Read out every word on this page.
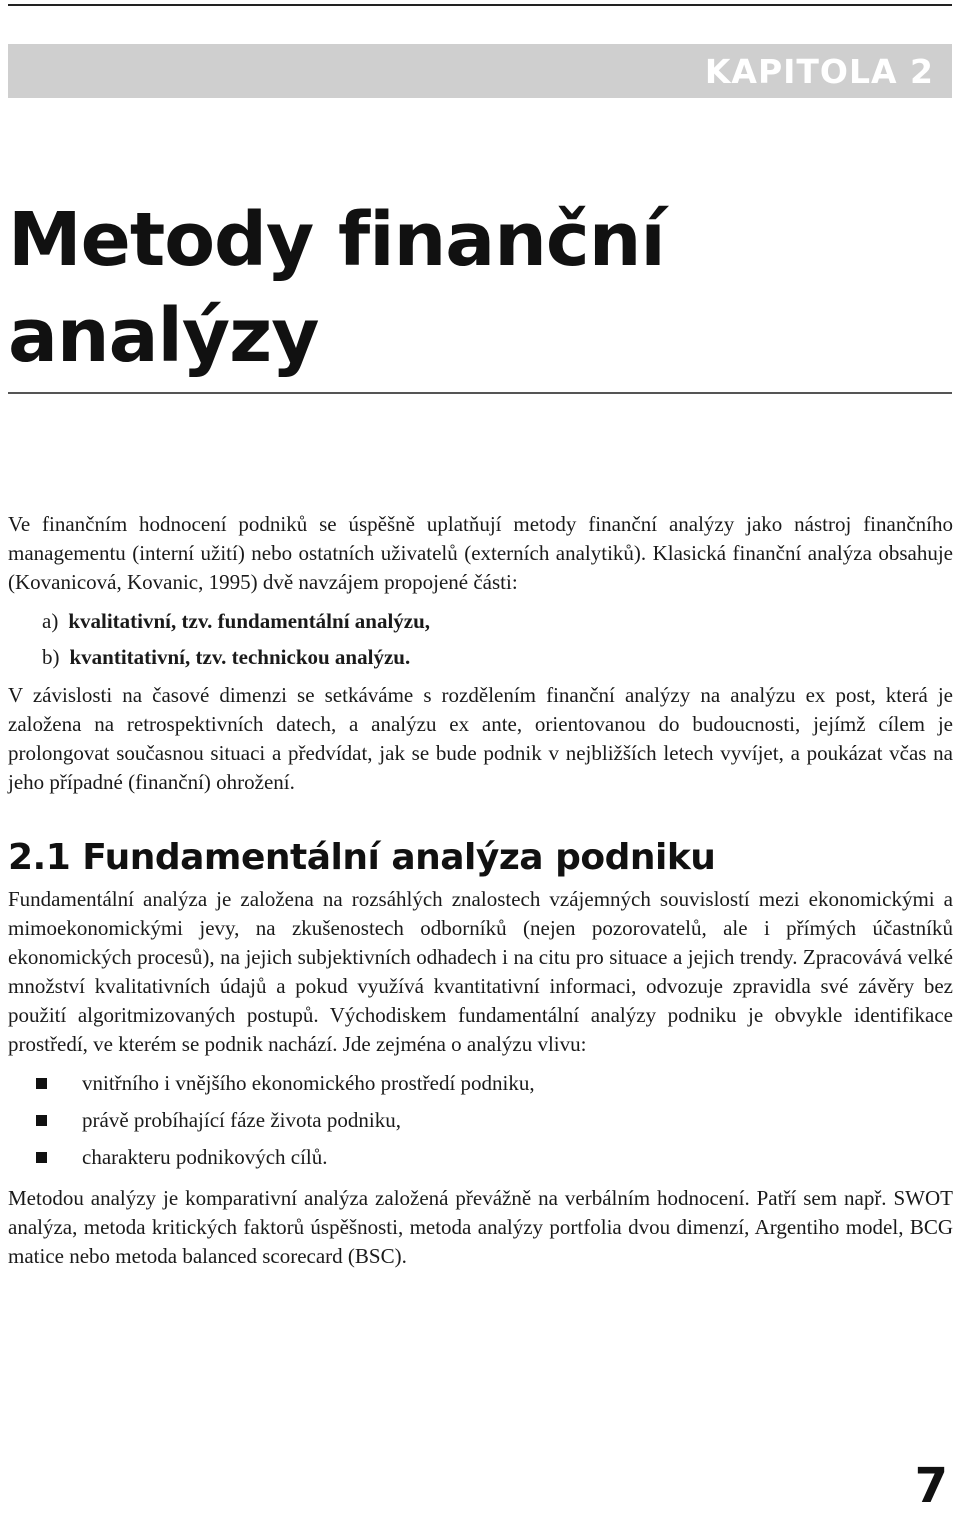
KAPITOLA 2
Metody finanční
analýzy

Ve finančním hodnocení podniků se úspěšně uplatňují metody finanční analýzy jako nástroj finančního managementu (interní užití) nebo ostatních uživatelů (externích analytiků). Klasická finanční analýza obsahuje (Kovanicová, Kovanic, 1995) dvě navzájem propojené části:

a) kvalitativní, tzv. fundamentální analýzu,
b) kvantitativní, tzv. technickou analýzu.

V závislosti na časové dimenzi se setkáváme s rozdělením finanční analýzy na analýzu ex post, která je založena na retrospektivních datech, a analýzu ex ante, orientovanou do budoucnosti, jejímž cílem je prolongovat současnou situaci a předvídat, jak se bude podnik v nejbližších letech vyvíjet, a poukázat včas na jeho případné (finanční) ohrožení.

2.1 Fundamentální analýza podniku

Fundamentální analýza je založena na rozsáhlých znalostech vzájemných souvislostí mezi ekonomickými a mimoekonomickými jevy, na zkušenostech odborníků (nejen pozorovatelů, ale i přímých účastníků ekonomických procesů), na jejich subjektivních odhadech i na citu pro situace a jejich trendy. Zpracovává velké množství kvalitativních údajů a pokud využívá kvantitativní informaci, odvozuje zpravidla své závěry bez použití algoritmizovaných postupů. Východiskem fundamentální analýzy podniku je obvykle identifikace prostředí, ve kterém se podnik nachází. Jde zejména o analýzu vlivu:

vnitřního i vnějšího ekonomického prostředí podniku,
právě probíhající fáze života podniku,
charakteru podnikových cílů.

Metodou analýzy je komparativní analýza založená převážně na verbálním hodnocení. Patří sem např. SWOT analýza, metoda kritických faktorů úspěšnosti, metoda analýzy portfolia dvou dimenzí, Argentiho model, BCG matice nebo metoda balanced scorecard (BSC).

7
